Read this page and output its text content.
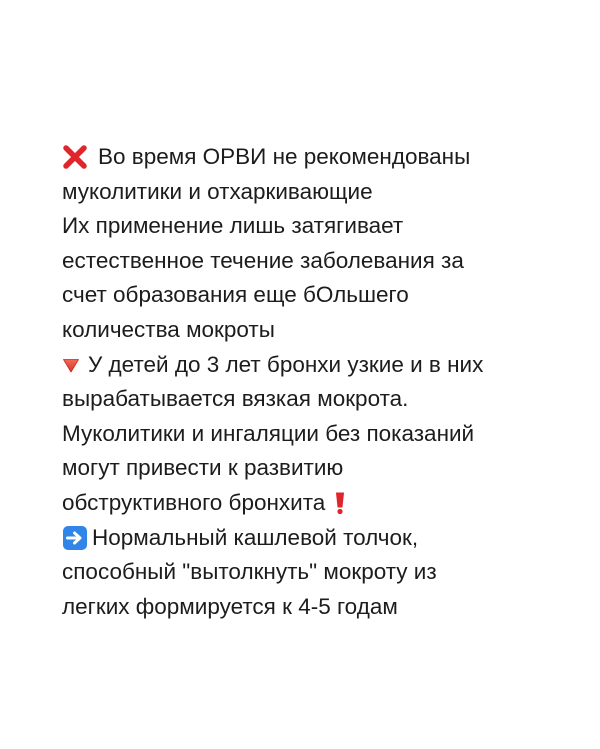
Во время ОРВИ не рекомендованы
муколитики и отхаркивающие
Их применение лишь затягивает
естественное течение заболевания за
счет образования еще бОльшего
количества мокроты
У детей до 3 лет бронхи узкие и в них
вырабатывается вязкая мокрота.
Муколитики и ингаляции без показаний
могут привести к развитию
обструктивного бронхита
Нормальный кашлевой толчок,
способный "вытолкнуть" мокроту из
легких формируется к 4-5 годам
